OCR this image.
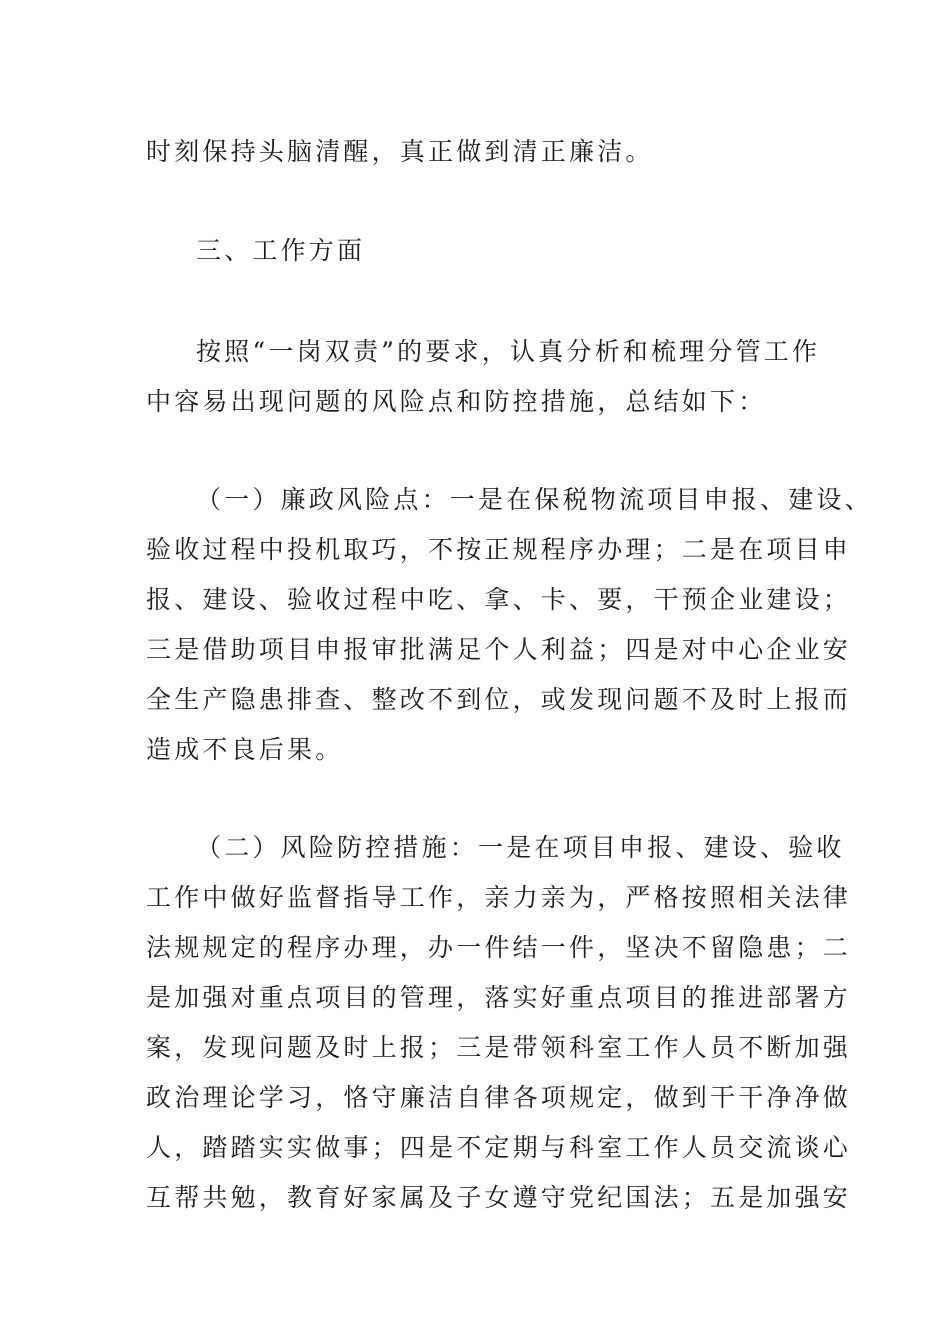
时刻保持头脑清醒，真正做到清正廉洁。
三、工作方面
按照“一岗双责”的要求，认真分析和梳理分管工作
中容易出现问题的风险点和防控措施，总结如下：
（一）廉政风险点：一是在保税物流项目申报、建设、
验收过程中投机取巧，不按正规程序办理；二是在项目申
报、建设、验收过程中吃、拿、卡、要，干预企业建设；
三是借助项目申报审批满足个人利益；四是对中心企业安
全生产隐患排查、整改不到位，或发现问题不及时上报而
造成不良后果。
（二）风险防控措施：一是在项目申报、建设、验收
工作中做好监督指导工作，亲力亲为，严格按照相关法律
法规规定的程序办理，办一件结一件，坚决不留隐患；二
是加强对重点项目的管理，落实好重点项目的推进部署方
案，发现问题及时上报；三是带领科室工作人员不断加强
政治理论学习，恪守廉洁自律各项规定，做到干干净净做
人，踏踏实实做事；四是不定期与科室工作人员交流谈心
互帮共勉，教育好家属及子女遵守党纪国法；五是加强安
